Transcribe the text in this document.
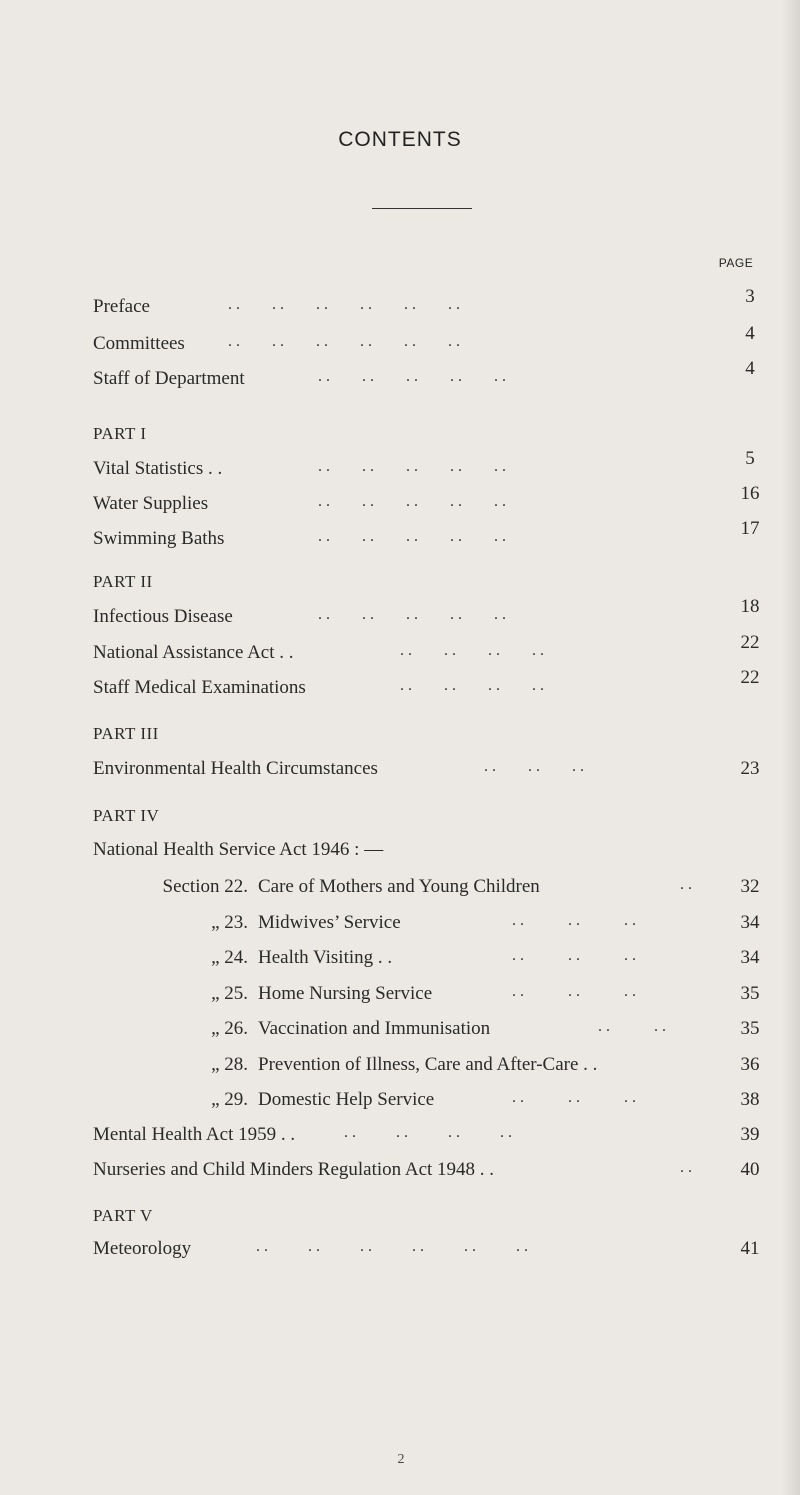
CONTENTS
PAGE
Preface	. .        . .        . .        . .        . .        . .	3
Committees	. .        . .        . .        . .        . .        . .	4
Staff of Department	. .        . .        . .        . .        . .	4
PART I
Vital Statistics . .	. .        . .        . .        . .        . .	5
Water Supplies	. .        . .        . .        . .        . .	16
Swimming Baths	. .        . .        . .        . .        . .	17
PART II
Infectious Disease	. .        . .        . .        . .        . .	18
National Assistance Act . .	. .        . .        . .        . .	22
Staff Medical Examinations	. .        . .        . .        . .	22
PART III
Environmental Health Circumstances	. .        . .        . .	23
PART IV
National Health Service Act 1946 : —
Section 22. Care of Mothers and Young Children	. .	32
„ 23. Midwives’ Service	. .           . .           . .	34
„ 24. Health Visiting . .	. .           . .           . .	34
„ 25. Home Nursing Service	. .           . .           . .	35
„ 26. Vaccination and Immunisation	. .           . .	35
„ 28. Prevention of Illness, Care and After-Care . .	36
„ 29. Domestic Help Service	. .           . .           . .	38
Mental Health Act 1959 . .	. .          . .          . .          . .	39
Nurseries and Child Minders Regulation Act 1948 . .	. .	40
PART V
Meteorology	. .          . .          . .          . .          . .          . .	41
2
